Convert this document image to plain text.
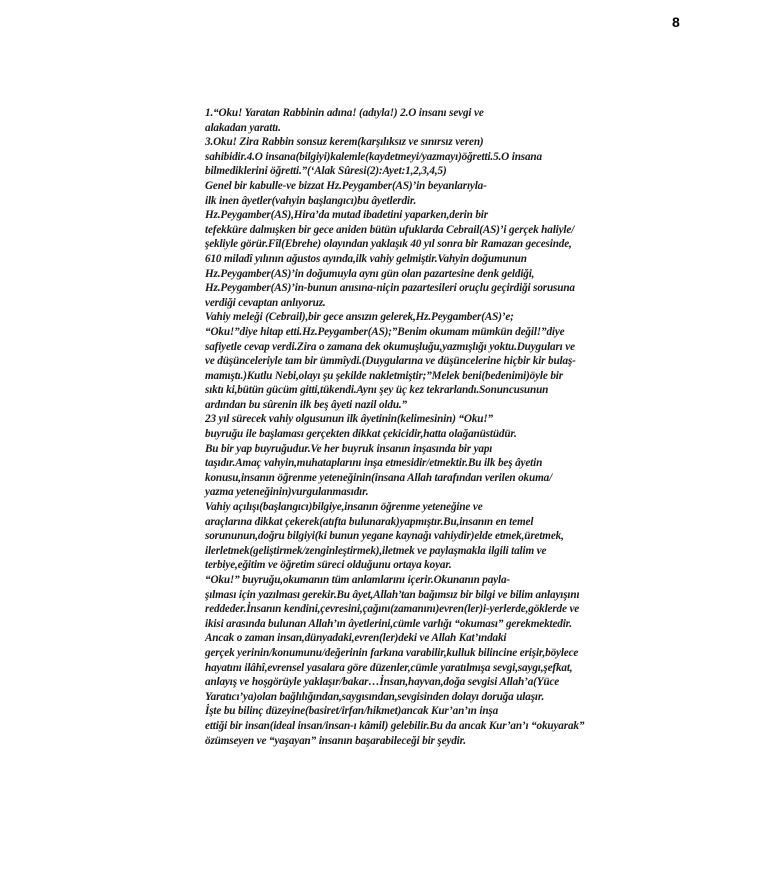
8

1.“Oku! Yaratan Rabbinin adına! (adıyla!) 2.O insanı sevgi ve
alakadan yarattı.

3.Oku! Zira Rabbin sonsuz kerem(karşılıksız ve sınırsız veren)
sahibidir.4.O insana(bilgiyi)kalemle(kaydetmeyi/yazmayı)öğretti.5.O insana
bilmediklerini öğretti.”(‘Alak Sûresi(2):Ayet:1,2,3,4,5)

Genel bir kabulle-ve bizzat Hz.Peygamber(AS)’in beyanlarıyla-
ilk inen âyetler(vahyin başlangıcı)bu âyetlerdir.

Hz.Peygamber(AS),Hira’da mutad ibadetini yaparken,derin bir
tefekküre dalmışken bir gece aniden bütün ufuklarda Cebrail(AS)’i gerçek haliyle/
şekliyle görür.Fîl(Ebrehe) olayından yaklaşık 40 yıl sonra bir Ramazan gecesinde,
610 miladî yılının ağustos ayında,ilk vahiy gelmiştir.Vahyin doğumunun
Hz.Peygamber(AS)’in doğumuyla aynı gün olan pazartesine denk geldiği,
Hz.Peygamber(AS)’in-bunun anısına-niçin pazartesileri oruçlu geçirdiği sorusuna
verdiği cevaptan anlıyoruz.

Vahiy meleği (Cebrail),bir gece ansızın gelerek,Hz.Peygamber(AS)’e;
“Oku!”diye hitap etti.Hz.Peygamber(AS);”Benim okumam mümkün değil!”diye
safiyetle cevap verdi.Zira o zamana dek okumuşluğu,yazmışlığı yoktu.Duyguları ve
ve düşünceleriyle tam bir ümmîydi.(Duygularına ve düşüncelerine hiçbir kir bulaş-
mamıştı.)Kutlu Nebi,olayı şu şekilde nakletmiştir;”Melek beni(bedenimi)öyle bir
sıktı ki,bütün gücüm gitti,tükendi.Aynı şey üç kez tekrarlandı.Sonuncusunun
ardından bu sûrenin ilk beş âyeti nazil oldu.”

23 yıl sürecek vahiy olgusunun ilk âyetinin(kelimesinin) “Oku!”
buyruğu ile başlaması gerçekten dikkat çekicidir,hatta olağanüstüdür.

Bu bir yap buyruğudur.Ve her buyruk insanın inşasında bir yapı
taşıdır.Amaç vahyin,muhataplarını inşa etmesidir/etmektir.Bu ilk beş âyetin
konusu,insanın öğrenme yeteneğinin(insana Allah tarafından verilen okuma/
yazma yeteneğinin)vurgulanmasıdır.

Vahiy açılışı(başlangıcı)bilgiye,insanın öğrenme yeteneğine ve
araçlarına dikkat çekerek(atıfta bulunarak)yapmıştır.Bu,insanın en temel
sorununun,doğru bilgiyi(ki bunun yegane kaynağı vahiydir)elde etmek,üretmek,
ilerletmek(geliştirmek/zenginleştirmek),iletmek ve paylaşmakla ilgili talim ve
terbiye,eğitim ve öğretim süreci olduğunu ortaya koyar.

“Oku!” buyruğu,okumanın tüm anlamlarını içerir.Okunanın payla-
şılması için yazılması gerekir.Bu âyet,Allah’tan bağımsız bir bilgi ve bilim anlayışını
reddeder.İnsanın kendini,çevresini,çağını(zamanını)evren(ler)i-yerlerde,göklerde ve
ikisi arasında bulunan Allah’ın âyetlerini,cümle varlığı “okuması” gerekmektedir.

Ancak o zaman insan,dünyadaki,evren(ler)deki ve Allah Kat’ındaki
gerçek yerinin/konumunu/değerinin farkına varabilir,kulluk bilincine erişir,böylece
hayatını ilâhî,evrensel yasalara göre düzenler,cümle yaratılmışa sevgi,saygı,şefkat,
anlayış ve hoşgörüyle yaklaşır/bakar…İnsan,hayvan,doğa sevgisi Allah’a(Yüce
Yaratıcı’ya)olan bağlılığından,saygısından,sevgisinden dolayı doruğa ulaşır.

İşte bu bilinç düzeyine(basiret/irfan/hikmet)ancak Kur’an’ın inşa
ettiği bir insan(ideal insan/insan-ı kâmil) gelebilir.Bu da ancak Kur’an’ı “okuyarak”
özümseyen ve “yaşayan” insanın başarabileceği bir şeydir.
